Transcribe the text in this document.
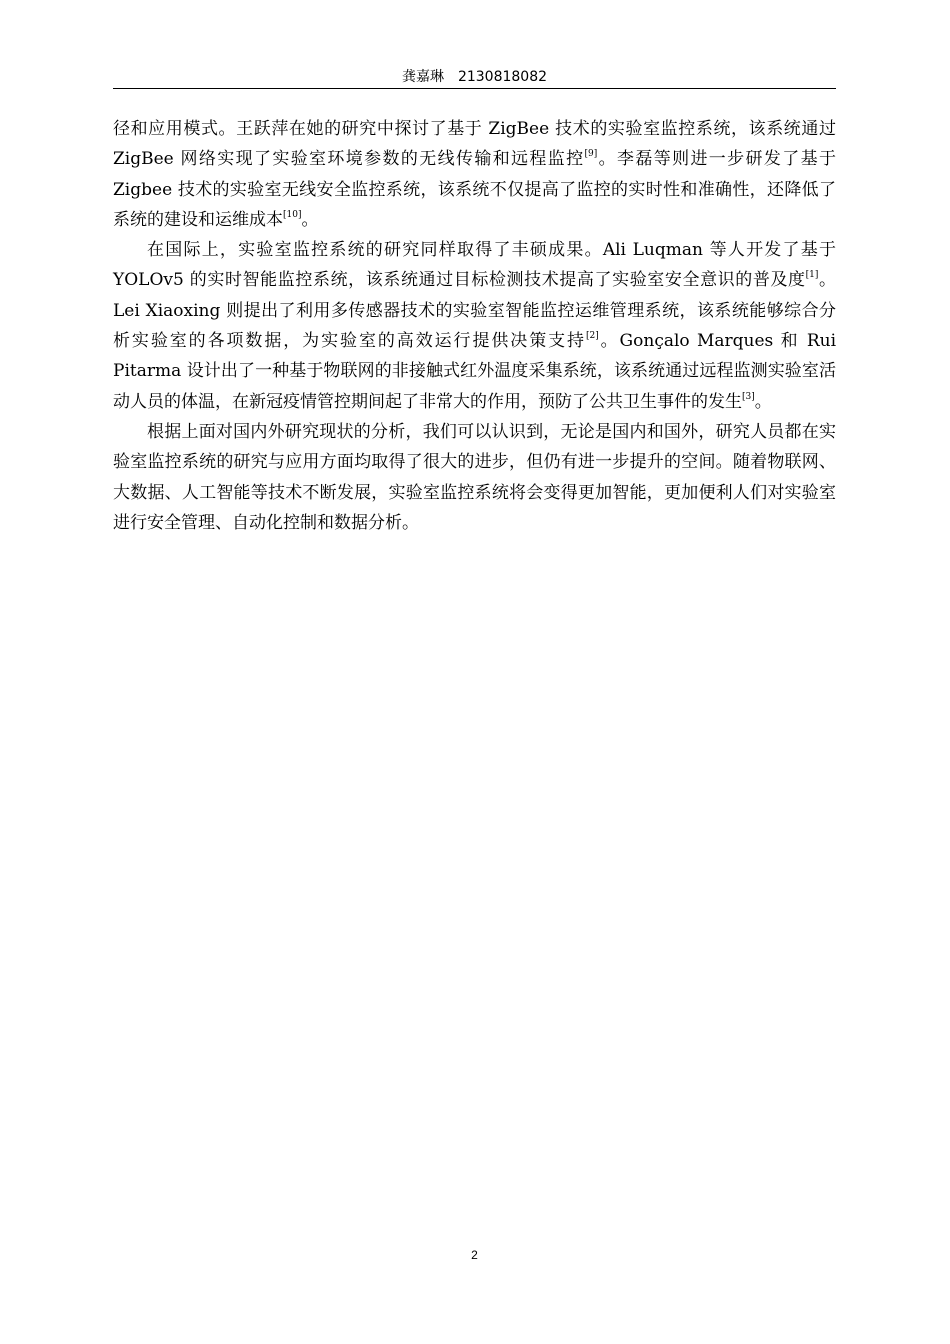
龚嘉琳 2130818082

径和应用模式。王跃萍在她的研究中探讨了基于 ZigBee 技术的实验室监控系统，该系统通过 ZigBee 网络实现了实验室环境参数的无线传输和远程监控[9]。李磊等则进一步研发了基于 Zigbee 技术的实验室无线安全监控系统，该系统不仅提高了监控的实时性和准确性，还降低了系统的建设和运维成本[10]。

在国际上，实验室监控系统的研究同样取得了丰硕成果。Ali Luqman 等人开发了基于 YOLOv5 的实时智能监控系统，该系统通过目标检测技术提高了实验室安全意识的普及度[1]。Lei Xiaoxing 则提出了利用多传感器技术的实验室智能监控运维管理系统，该系统能够综合分析实验室的各项数据，为实验室的高效运行提供决策支持[2]。Gonçalo Marques 和 Rui Pitarma 设计出了一种基于物联网的非接触式红外温度采集系统，该系统通过远程监测实验室活动人员的体温，在新冠疫情管控期间起了非常大的作用，预防了公共卫生事件的发生[3]。

根据上面对国内外研究现状的分析，我们可以认识到，无论是国内和国外，研究人员都在实验室监控系统的研究与应用方面均取得了很大的进步，但仍有进一步提升的空间。随着物联网、大数据、人工智能等技术不断发展，实验室监控系统将会变得更加智能，更加便利人们对实验室进行安全管理、自动化控制和数据分析。

2
